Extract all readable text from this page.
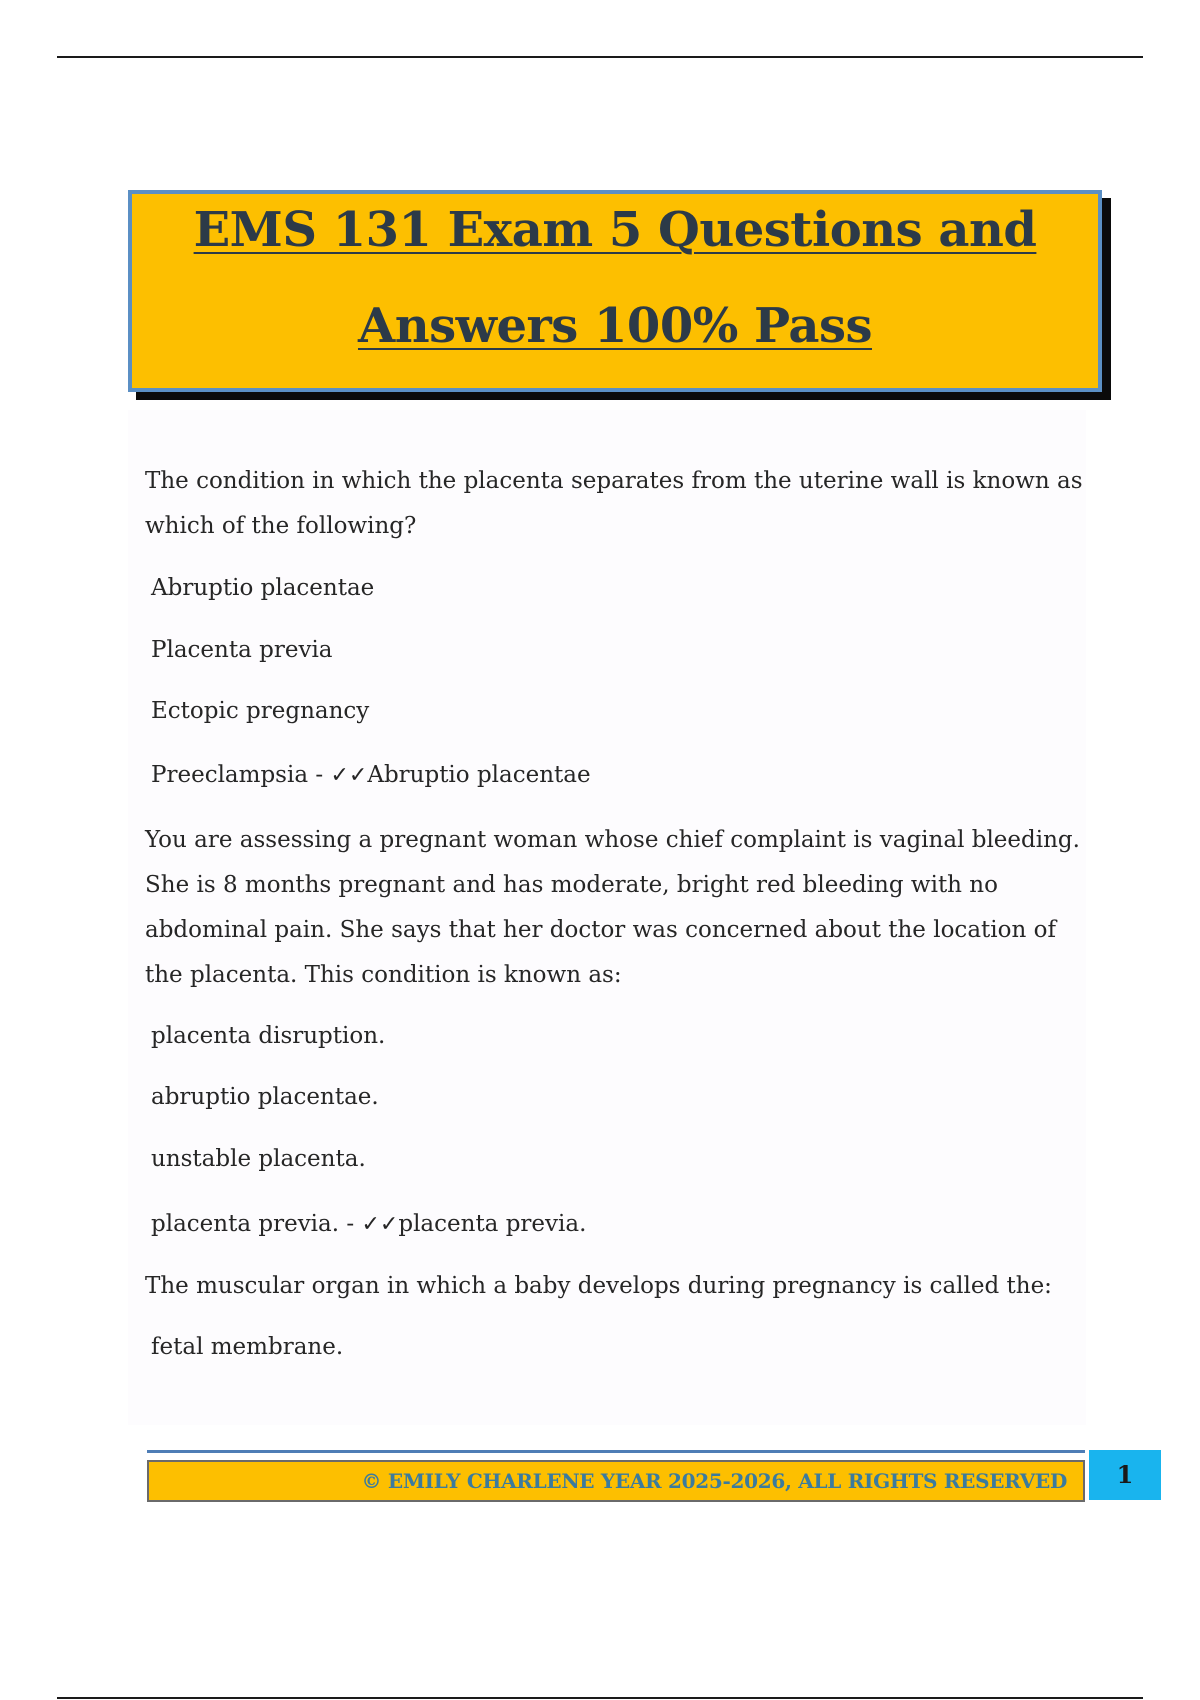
EMS 131 Exam 5 Questions and
Answers 100% Pass

The condition in which the placenta separates from the uterine wall is known as which of the following?

Abruptio placentae

Placenta previa

Ectopic pregnancy

Preeclampsia - ✓✓Abruptio placentae

You are assessing a pregnant woman whose chief complaint is vaginal bleeding. She is 8 months pregnant and has moderate, bright red bleeding with no abdominal pain. She says that her doctor was concerned about the location of the placenta. This condition is known as:

placenta disruption.

abruptio placentae.

unstable placenta.

placenta previa. - ✓✓placenta previa.

The muscular organ in which a baby develops during pregnancy is called the:

fetal membrane.

© EMILY CHARLENE YEAR 2025-2026, ALL RIGHTS RESERVED	1
